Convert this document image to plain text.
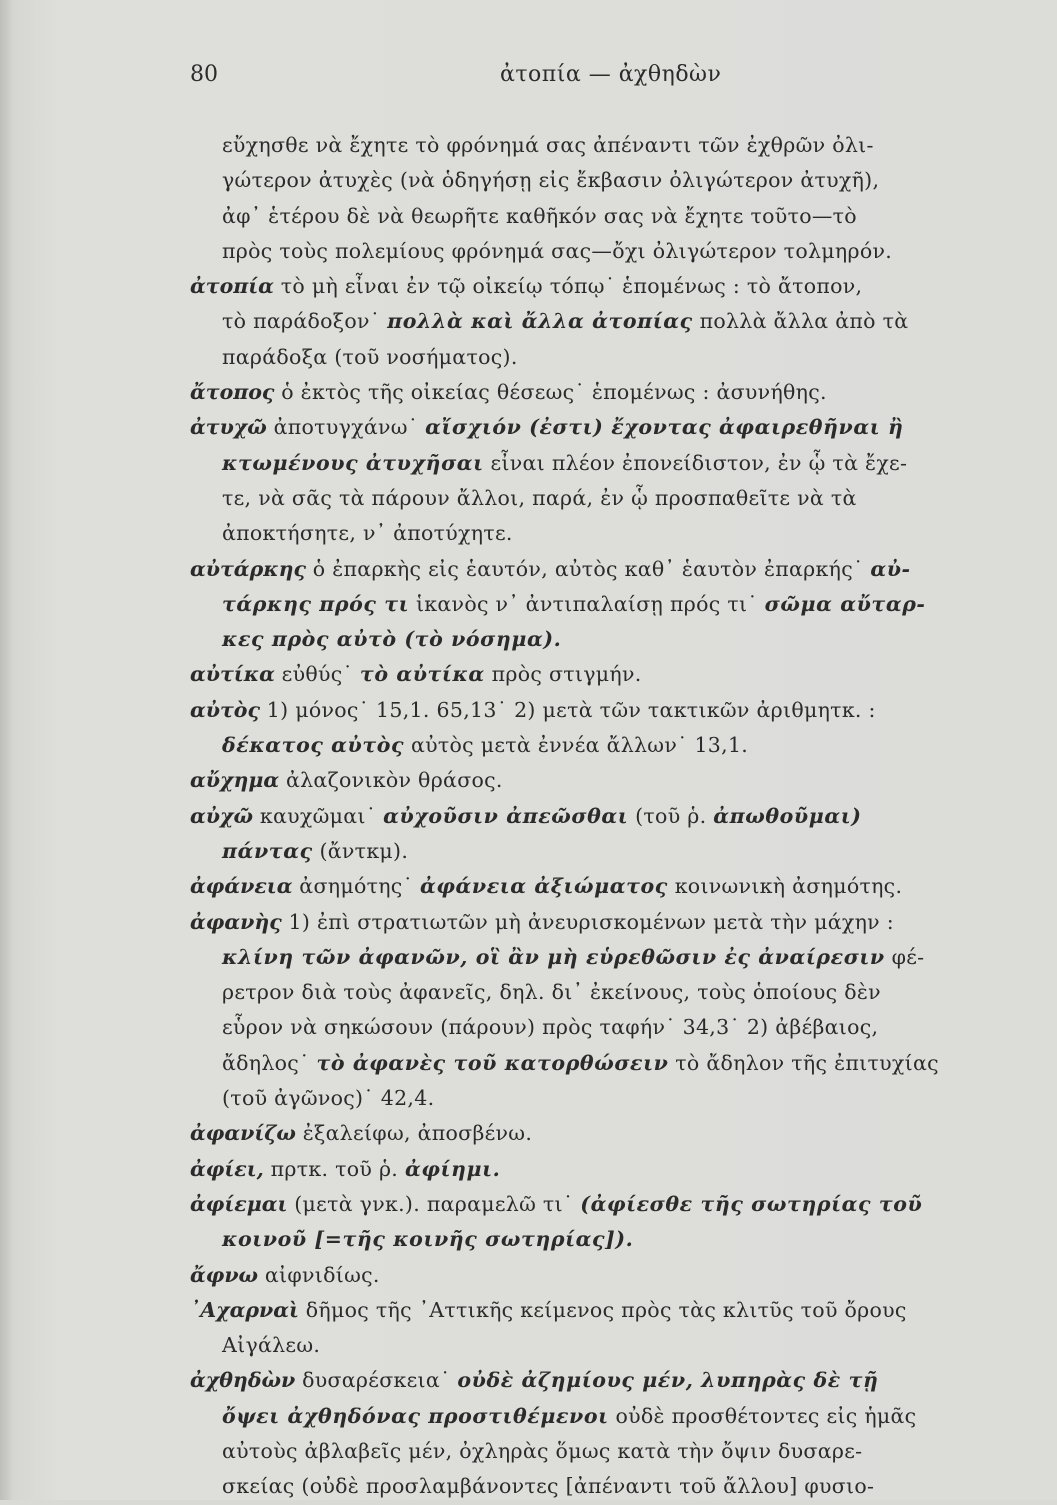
80	ἀτοπία — ἀχθηδὼν
εὔχησθε νὰ ἔχητε τὸ φρόνημά σας ἀπέναντι τῶν ἐχθρῶν ὀλι-
γώτερον ἀτυχὲς (νὰ ὁδηγήσῃ εἰς ἔκβασιν ὀλιγώτερον ἀτυχῆ),
ἀφ᾿ ἑτέρου δὲ νὰ θεωρῆτε καθῆκόν σας νὰ ἔχητε τοῦτο—τὸ
πρὸς τοὺς πολεμίους φρόνημά σας—ὄχι ὀλιγώτερον τολμηρόν.
ἀτοπία τὸ μὴ εἶναι ἐν τῷ οἰκείῳ τόπῳ˙ ἑπομένως : τὸ ἄτοπον,
τὸ παράδοξον˙ πολλὰ καὶ ἄλλα ἀτοπίας πολλὰ ἄλλα ἀπὸ τὰ
παράδοξα (τοῦ νοσήματος).
ἄτοπος ὁ ἐκτὸς τῆς οἰκείας θέσεως˙ ἑπομένως : ἀσυνήθης.
ἀτυχῶ ἀποτυγχάνω˙ αἴσχιόν (ἐστι) ἔχοντας ἀφαιρεθῆναι ἢ
κτωμένους ἀτυχῆσαι εἶναι πλέον ἐπονείδιστον, ἐν ᾧ τὰ ἔχε-
τε, νὰ σᾶς τὰ πάρουν ἄλλοι, παρά, ἐν ᾧ προσπαθεῖτε νὰ τὰ
ἀποκτήσητε, ν᾿ ἀποτύχητε.
αὐτάρκης ὁ ἐπαρκὴς εἰς ἑαυτόν, αὐτὸς καθ᾿ ἑαυτὸν ἐπαρκής˙ αὐ-
τάρκης πρός τι ἱκανὸς ν᾿ ἀντιπαλαίσῃ πρός τι˙ σῶμα αὔταρ-
κες πρὸς αὐτὸ (τὸ νόσημα).
αὐτίκα εὐθύς˙ τὸ αὐτίκα πρὸς στιγμήν.
αὐτὸς 1) μόνος˙ 15,1. 65,13˙ 2) μετὰ τῶν τακτικῶν ἀριθμητκ. :
δέκατος αὐτὸς αὐτὸς μετὰ ἐννέα ἄλλων˙ 13,1.
αὔχημα ἀλαζονικὸν θράσος.
αὐχῶ καυχῶμαι˙ αὐχοῦσιν ἀπεῶσθαι (τοῦ ῥ. ἀπωθοῦμαι)
πάντας (ἄντκμ).
ἀφάνεια ἀσημότης˙ ἀφάνεια ἀξιώματος κοινωνικὴ ἀσημότης.
ἀφανὴς 1) ἐπὶ στρατιωτῶν μὴ ἀνευρισκομένων μετὰ τὴν μάχην :
κλίνη τῶν ἀφανῶν, οἳ ἂν μὴ εὑρεθῶσιν ἐς ἀναίρεσιν φέ-
ρετρον διὰ τοὺς ἀφανεῖς, δηλ. δι᾿ ἐκείνους, τοὺς ὁποίους δὲν
εὗρον νὰ σηκώσουν (πάρουν) πρὸς ταφήν˙ 34,3˙ 2) ἀβέβαιος,
ἄδηλος˙ τὸ ἀφανὲς τοῦ κατορθώσειν τὸ ἄδηλον τῆς ἐπιτυχίας
(τοῦ ἀγῶνος)˙ 42,4.
ἀφανίζω ἐξαλείφω, ἀποσβένω.
ἀφίει, πρτκ. τοῦ ῥ. ἀφίημι.
ἀφίεμαι (μετὰ γνκ.). παραμελῶ τι˙ (ἀφίεσθε τῆς σωτηρίας τοῦ
κοινοῦ [=τῆς κοινῆς σωτηρίας]).
ἄφνω αἰφνιδίως.
᾿Αχαρναὶ δῆμος τῆς ᾿Αττικῆς κείμενος πρὸς τὰς κλιτῦς τοῦ ὄρους
Αἰγάλεω.
ἀχθηδὼν δυσαρέσκεια˙ οὐδὲ ἀζημίους μέν, λυπηρὰς δὲ τῇ
ὄψει ἀχθηδόνας προστιθέμενοι οὐδὲ προσθέτοντες εἰς ἡμᾶς
αὐτοὺς ἀβλαβεῖς μέν, ὀχληρὰς ὅμως κατὰ τὴν ὄψιν δυσαρε-
σκείας (οὐδὲ προσλαμβάνοντες [ἀπέναντι τοῦ ἄλλου] φυσιο-
